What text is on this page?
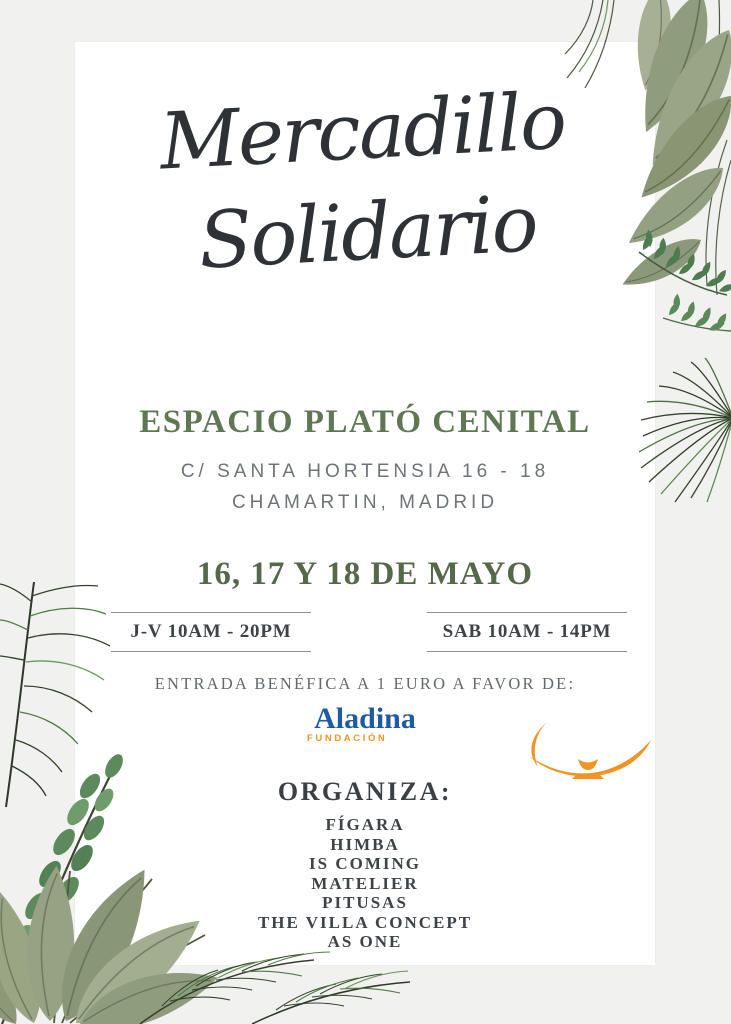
Mercadillo
Solidario
ESPACIO PLATÓ CENITAL
C/ SANTA HORTENSIA 16 - 18
CHAMARTIN, MADRID
16, 17 Y 18 DE MAYO
J-V 10AM - 20PM	SAB 10AM - 14PM
ENTRADA BENÉFICA A 1 EURO A FAVOR DE:
Aladina
FUNDACIÓN
ORGANIZA:
FÍGARA
HIMBA
IS COMING
MATELIER
PITUSAS
THE VILLA CONCEPT
AS ONE
